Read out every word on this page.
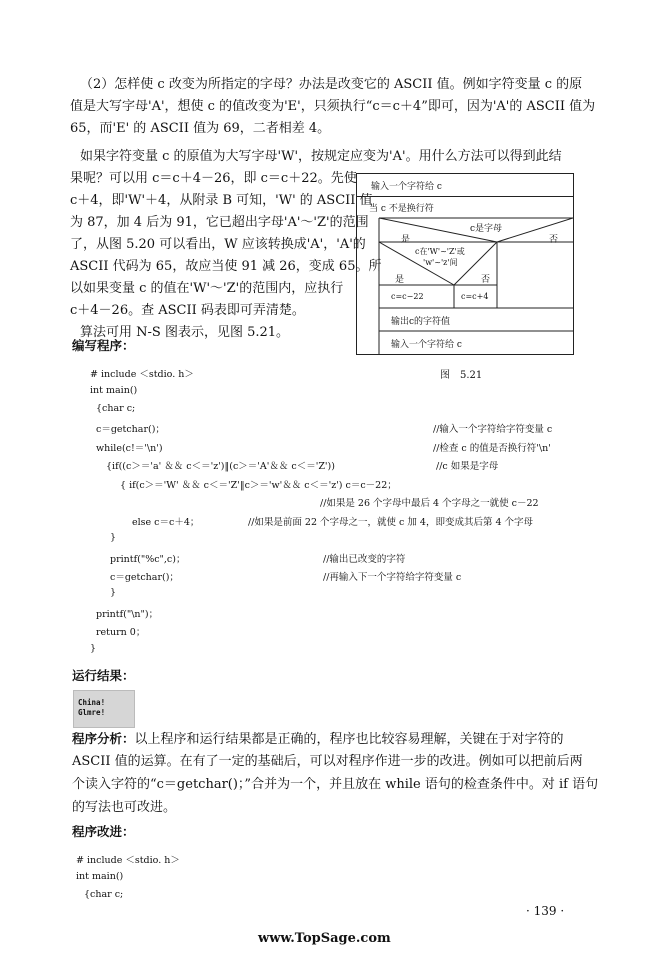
（2）怎样使 c 改变为所指定的字母？办法是改变它的 ASCII 值。例如字符变量 c 的原
值是大写字母'A'，想使 c 的值改变为'E'，只须执行“c＝c＋4”即可，因为'A'的 ASCII 值为
65，而'E' 的 ASCII 值为 69，二者相差 4。
如果字符变量 c 的原值为大写字母'W'，按规定应变为'A'。用什么方法可以得到此结
果呢？可以用 c＝c＋4－26，即 c＝c＋22。先使
c＋4，即'W'＋4，从附录 B 可知，'W' 的 ASCII 值
为 87，加 4 后为 91，它已超出字母'A'～'Z'的范围
了，从图 5.20 可以看出，W 应该转换成'A'，'A'的
ASCII 代码为 65，故应当使 91 减 26，变成 65。所
以如果变量 c 的值在'W'～'Z'的范围内，应执行
c＋4－26。查 ASCII 码表即可弄清楚。
算法可用 N-S 图表示，见图 5.21。
输入一个字符给 c
当 c 不是换行符
c是字母
是	否
c在'W'~'Z'或
'w'~'z'间
是	否
c=c−22	c=c+4
输出c的字符值
输入一个字符给 c
图　5.21
编写程序：
# include ＜stdio. h＞
int main()
{char c;
c＝getchar()；	//输入一个字符给字符变量 c
while(c!＝'\n')	//检查 c 的值是否换行符'\n'
{if((c＞＝'a' ＆＆ c＜＝'z')‖(c＞＝'A'＆＆ c＜＝'Z'))	//c 如果是字母
{ if(c＞＝'W' ＆＆ c＜＝'Z'‖c＞＝'w'＆＆ c＜＝'z') c＝c－22；
//如果是 26 个字母中最后 4 个字母之一就使 c－22
else c＝c＋4；	//如果是前面 22 个字母之一，就使 c 加 4，即变成其后第 4 个字母
}
printf("%c",c)；	//输出已改变的字符
c＝getchar()；	//再输入下一个字符给字符变量 c
}
printf("\n")；
return 0；
}
运行结果：
China!
Glmre!
程序分析：以上程序和运行结果都是正确的，程序也比较容易理解，关键在于对字符的
ASCII 值的运算。在有了一定的基础后，可以对程序作进一步的改进。例如可以把前后两
个读入字符的“c＝getchar()；”合并为一个，并且放在 while 语句的检查条件中。对 if 语句
的写法也可改进。
程序改进：
# include ＜stdio. h＞
int main()
{char c;
· 139 ·
www.TopSage.com
